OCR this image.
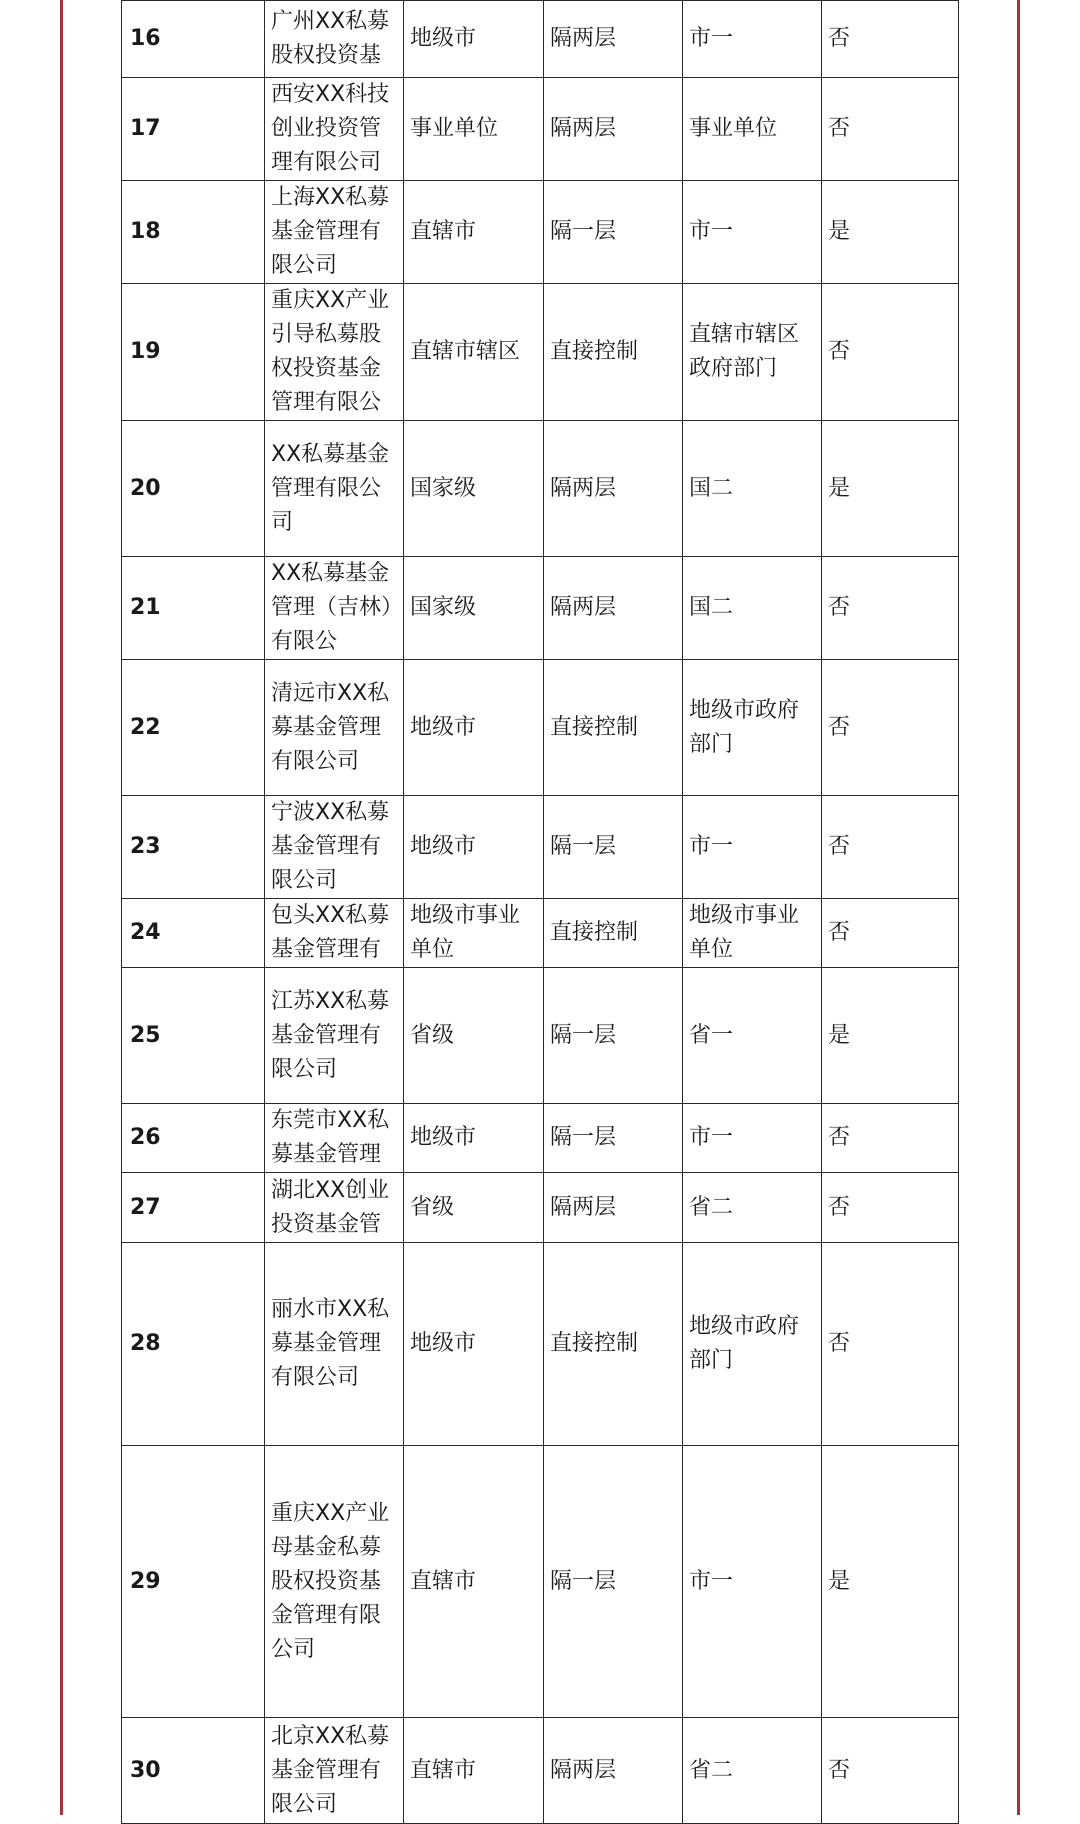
16	广州XX私募股权投资基	地级市	隔两层	市一	否
17	西安XX科技创业投资管理有限公司	事业单位	隔两层	事业单位	否
18	上海XX私募基金管理有限公司	直辖市	隔一层	市一	是
19	重庆XX产业引导私募股权投资基金管理有限公	直辖市辖区	直接控制	直辖市辖区政府部门	否
20	XX私募基金管理有限公司	国家级	隔两层	国二	是
21	XX私募基金管理（吉林）有限公	国家级	隔两层	国二	否
22	清远市XX私募基金管理有限公司	地级市	直接控制	地级市政府部门	否
23	宁波XX私募基金管理有限公司	地级市	隔一层	市一	否
24	包头XX私募基金管理有	地级市事业单位	直接控制	地级市事业单位	否
25	江苏XX私募基金管理有限公司	省级	隔一层	省一	是
26	东莞市XX私募基金管理	地级市	隔一层	市一	否
27	湖北XX创业投资基金管	省级	隔两层	省二	否
28	丽水市XX私募基金管理有限公司	地级市	直接控制	地级市政府部门	否
29	重庆XX产业母基金私募股权投资基金管理有限公司	直辖市	隔一层	市一	是
30	北京XX私募基金管理有限公司	直辖市	隔两层	省二	否
